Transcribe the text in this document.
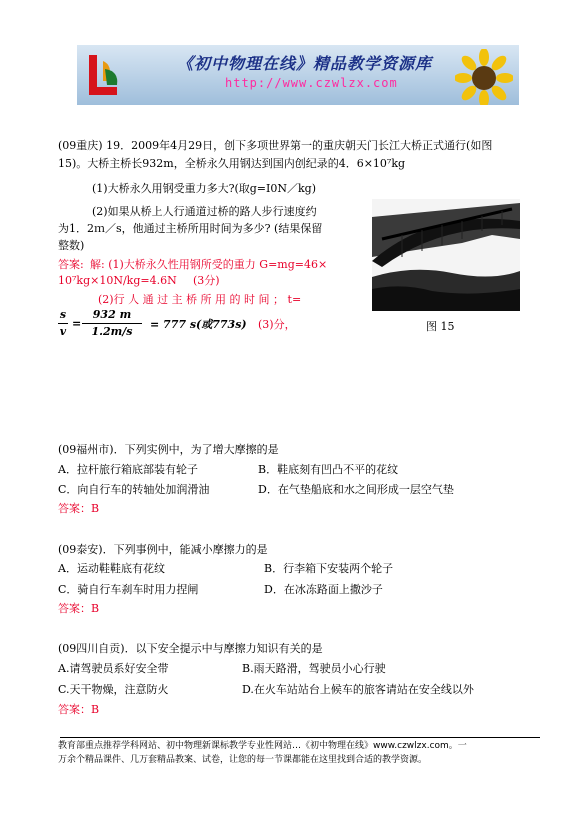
《初中物理在线》精品教学资源库
http://www.czwlzx.com
(09重庆) 19．2009年4月29日，创下多项世界第一的重庆朝天门长江大桥正式通行(如图
15)。大桥主桥长932m，全桥永久用钢达到国内创纪录的4．6×10⁷kg
(1)大桥永久用钢受重力多大?(取g=I0N／kg)
(2)如果从桥上人行通道过桥的路人步行速度约
为1．2ｍ／s，他通过主桥所用时间为多少? (结果保留
整数)
图 15
答案: 解: (1)大桥永久性用钢所受的重力 G=mg=46×
10⁷kg×10N/kg=4.6N (3分)
(2)行 人 通 过 主 桥 所 用 的 时 间 ； t=
s
v
=
932 m
1.2m/s
= 777 s(或773s) (3)分，
(09福州市)．下列实例中，为了增大摩擦的是
A．拉杆旅行箱底部装有轮子	B．鞋底刻有凹凸不平的花纹
C．向自行车的转轴处加润滑油	D．在气垫船底和水之间形成一层空气垫
答案：B
(09泰安)．下列事例中，能减小摩擦力的是
A．运动鞋鞋底有花纹	B．行李箱下安装两个轮子
C．骑自行车刹车时用力捏闸	D．在冰冻路面上撒沙子
答案：B
(09四川自贡)．以下安全提示中与摩擦力知识有关的是
A.请驾驶员系好安全带	B.雨天路滑，驾驶员小心行驶
C.天干物燥，注意防火	D.在火车站站台上候车的旅客请站在安全线以外
答案：B
教育部重点推荐学科网站、初中物理新课标教学专业性网站…《初中物理在线》www.czwlzx.com。一
万余个精品课件、几万套精品教案、试卷，让您的每一节课都能在这里找到合适的教学资源。
